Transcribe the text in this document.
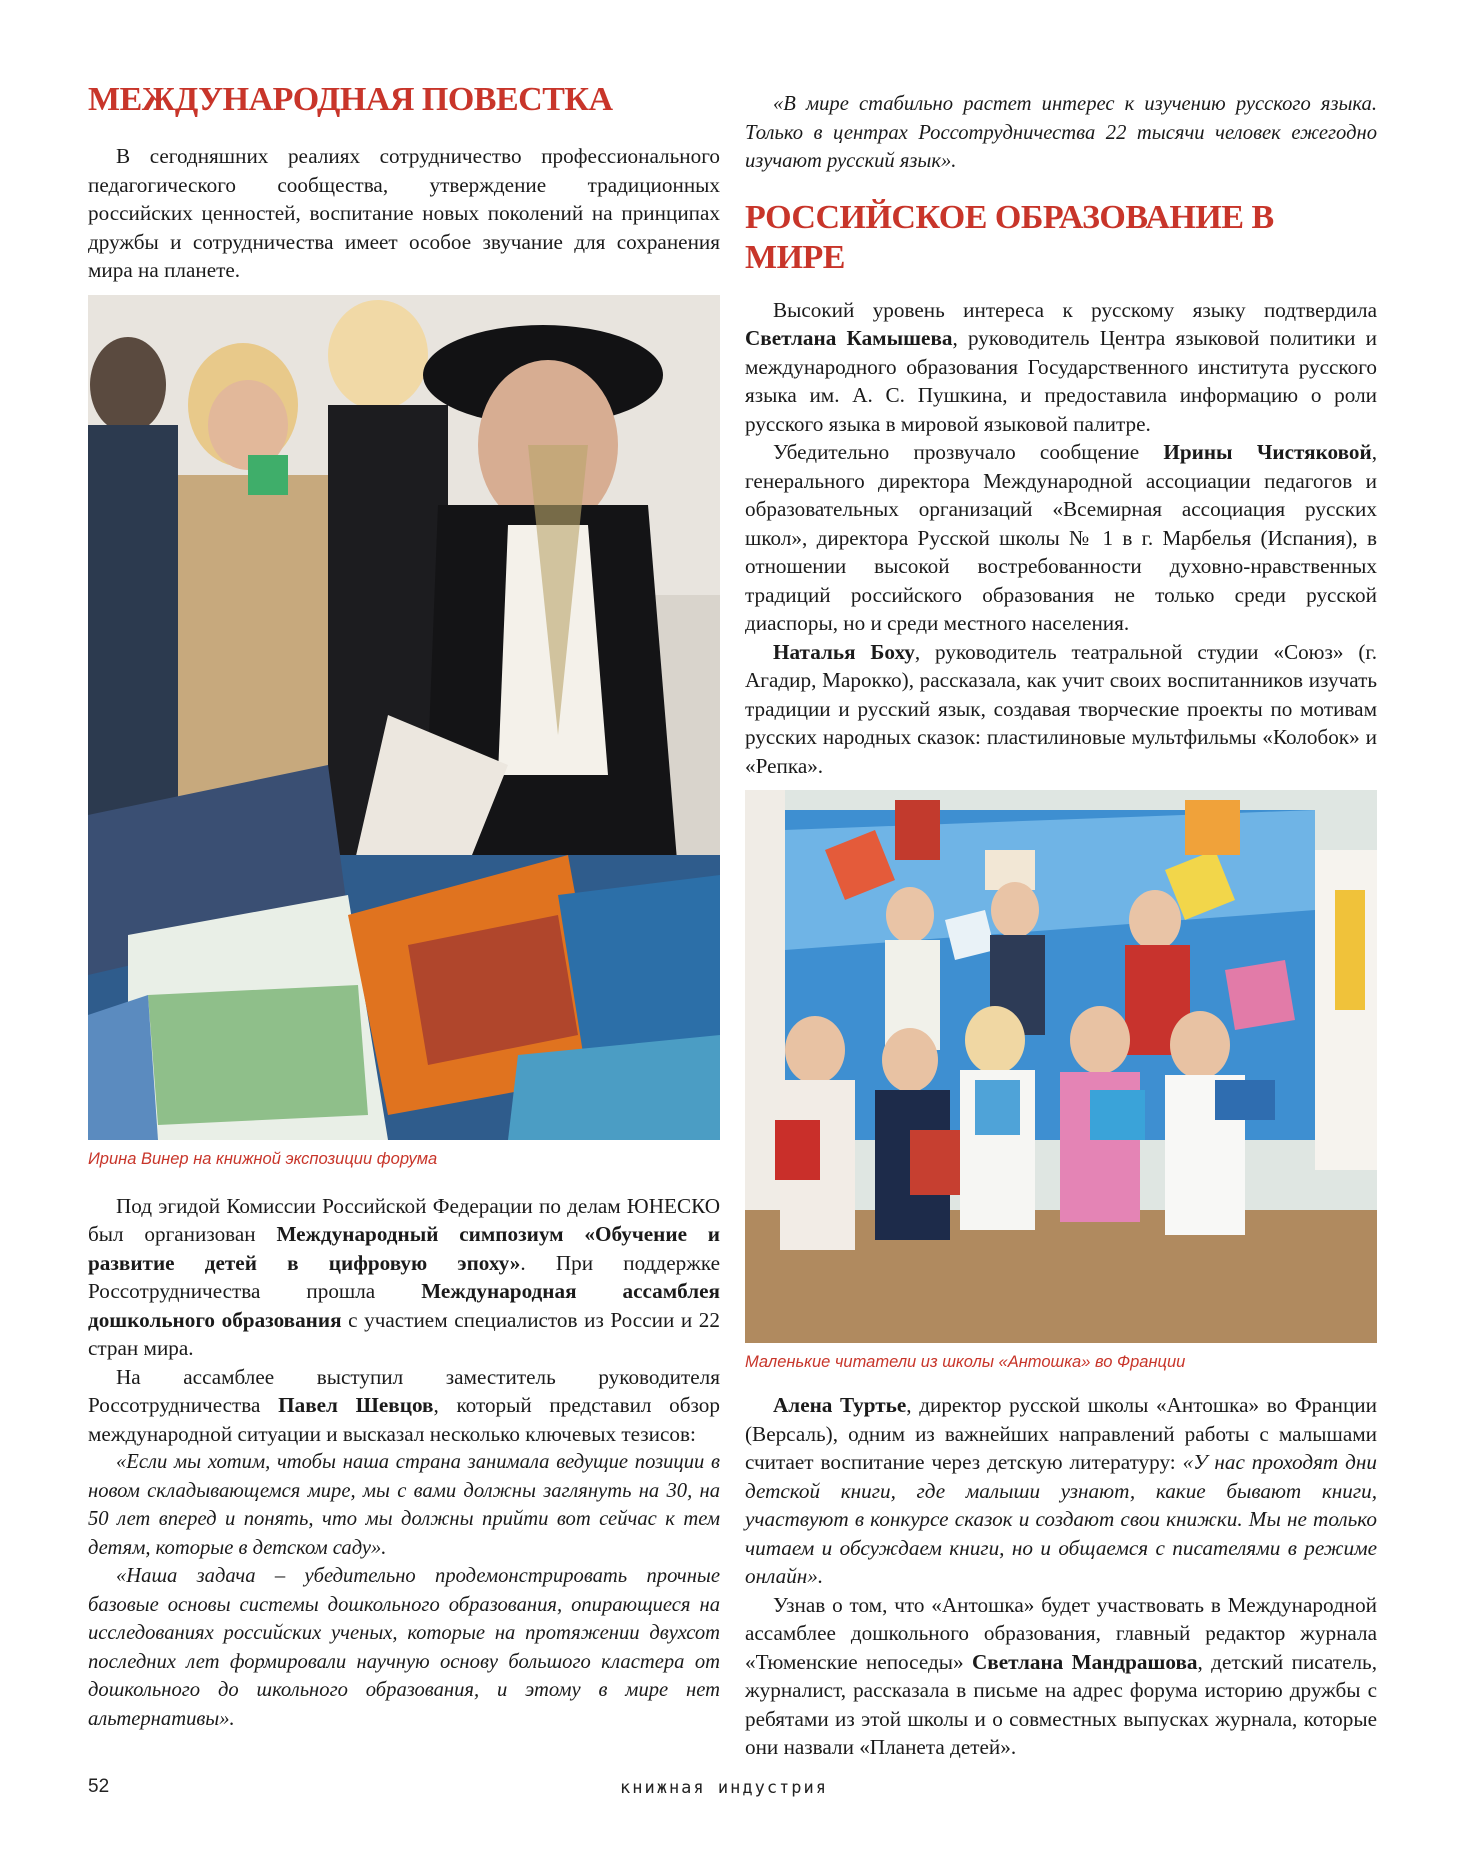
МЕЖДУНАРОДНАЯ ПОВЕСТКА

В сегодняшних реалиях сотрудничество профессионального педагогического сообщества, утверждение традиционных российских ценностей, воспитание новых поколений на принципах дружбы и сотрудничества имеет особое звучание для сохранения мира на планете.

Ирина Винер на книжной экспозиции форума

Под эгидой Комиссии Российской Федерации по делам ЮНЕСКО был организован Международный симпозиум «Обучение и развитие детей в цифровую эпоху». При поддержке Россотрудничества прошла Международная ассамблея дошкольного образования с участием специалистов из России и 22 стран мира.

На ассамблее выступил заместитель руководителя Россотрудничества Павел Шевцов, который представил обзор международной ситуации и высказал несколько ключевых тезисов:

«Если мы хотим, чтобы наша страна занимала ведущие позиции в новом складывающемся мире, мы с вами должны заглянуть на 30, на 50 лет вперед и понять, что мы должны прийти вот сейчас к тем детям, которые в детском саду».

«Наша задача – убедительно продемонстрировать прочные базовые основы системы дошкольного образования, опирающиеся на исследованиях российских ученых, которые на протяжении двухсот последних лет формировали научную основу большого кластера от дошкольного до школьного образования, и этому в мире нет альтернативы».

«В мире стабильно растет интерес к изучению русского языка. Только в центрах Россотрудничества 22 тысячи человек ежегодно изучают русский язык».

РОССИЙСКОЕ ОБРАЗОВАНИЕ В МИРЕ

Высокий уровень интереса к русскому языку подтвердила Светлана Камышева, руководитель Центра языковой политики и международного образования Государственного института русского языка им. А. С. Пушкина, и предоставила информацию о роли русского языка в мировой языковой палитре.

Убедительно прозвучало сообщение Ирины Чистяковой, генерального директора Международной ассоциации педагогов и образовательных организаций «Всемирная ассоциация русских школ», директора Русской школы № 1 в г. Марбелья (Испания), в отношении высокой востребованности духовно-нравственных традиций российского образования не только среди русской диаспоры, но и среди местного населения.

Наталья Боху, руководитель театральной студии «Союз» (г. Агадир, Марокко), рассказала, как учит своих воспитанников изучать традиции и русский язык, создавая творческие проекты по мотивам русских народных сказок: пластилиновые мультфильмы «Колобок» и «Репка».

Маленькие читатели из школы «Антошка» во Франции

Алена Туртье, директор русской школы «Антошка» во Франции (Версаль), одним из важнейших направлений работы с малышами считает воспитание через детскую литературу: «У нас проходят дни детской книги, где малыши узнают, какие бывают книги, участвуют в конкурсе сказок и создают свои книжки. Мы не только читаем и обсуждаем книги, но и общаемся с писателями в режиме онлайн».

Узнав о том, что «Антошка» будет участвовать в Международной ассамблее дошкольного образования, главный редактор журнала «Тюменские непоседы» Светлана Мандрашова, детский писатель, журналист, рассказала в письме на адрес форума историю дружбы с ребятами из этой школы и о совместных выпусках журнала, которые они назвали «Планета детей».

52	книжная индустрия
